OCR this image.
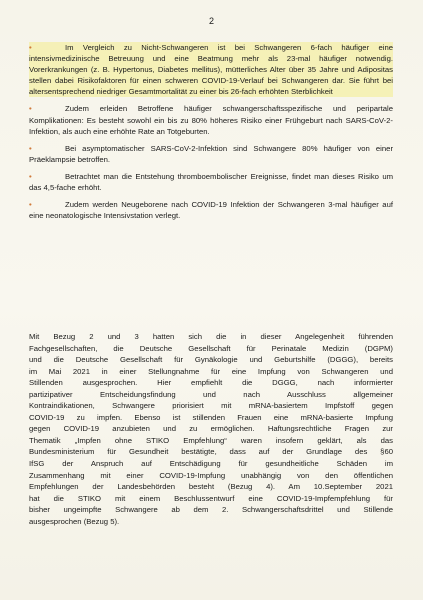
2
•	Im Vergleich zu Nicht-Schwangeren ist bei Schwangeren 6-fach häufiger eine intensivmedizinische Betreuung und eine Beatmung mehr als 23-mal häufiger notwendig. Vorerkrankungen (z. B. Hypertonus, Diabetes mellitus), mütterliches Alter über 35 Jahre und Adipositas stellen dabei Risikofaktoren für einen schweren COVID-19-Verlauf bei Schwangeren dar. Sie führt bei altersentsprechend niedriger Gesamtmortalität zu einer bis 26-fach erhöhten Sterblichkeit
•	Zudem erleiden Betroffene häufiger schwangerschaftsspezifische und peripartale Komplikationen: Es besteht sowohl ein bis zu 80% höheres Risiko einer Frühgeburt nach SARS-CoV-2-Infektion, als auch eine erhöhte Rate an Totgeburten.
•	Bei asymptomatischer SARS-CoV-2-Infektion sind Schwangere 80% häufiger von einer Präeklampsie betroffen.
•	Betrachtet man die Entstehung thromboembolischer Ereignisse, findet man dieses Risiko um das 4,5-fache erhöht.
•	Zudem werden Neugeborene nach COVID-19 Infektion der Schwangeren 3-mal häufiger auf eine neonatologische Intensivstation verlegt.
Mit Bezug 2 und 3 hatten sich die in dieser Angelegenheit führenden
Fachgesellschaften, die Deutsche Gesellschaft für Perinatale Medizin (DGPM)
und die Deutsche Gesellschaft für Gynäkologie und Geburtshilfe (DGGG), bereits
im Mai 2021 in einer Stellungnahme für eine Impfung von Schwangeren und
Stillenden ausgesprochen. Hier empfiehlt die DGGG, nach informierter
partizipativer Entscheidungsfindung und nach Ausschluss allgemeiner
Kontraindikationen, Schwangere priorisiert mit mRNA-basiertem Impfstoff gegen
COVID-19 zu impfen. Ebenso ist stillenden Frauen eine mRNA-basierte Impfung
gegen COVID-19 anzubieten und zu ermöglichen. Haftungsrechtliche Fragen zur
Thematik „Impfen ohne STIKO Empfehlung“ waren insofern geklärt, als das
Bundesministerium für Gesundheit bestätigte, dass auf der Grundlage des §60
IfSG der Anspruch auf Entschädigung für gesundheitliche Schäden im
Zusammenhang mit einer COVID-19-Impfung unabhängig von den öffentlichen
Empfehlungen der Landesbehörden besteht (Bezug 4). Am 10.September 2021
hat die STIKO mit einem Beschlussentwurf eine COVID-19-Impfempfehlung für
bisher ungeimpfte Schwangere ab dem 2. Schwangerschaftsdrittel und Stillende
ausgesprochen (Bezug 5).
